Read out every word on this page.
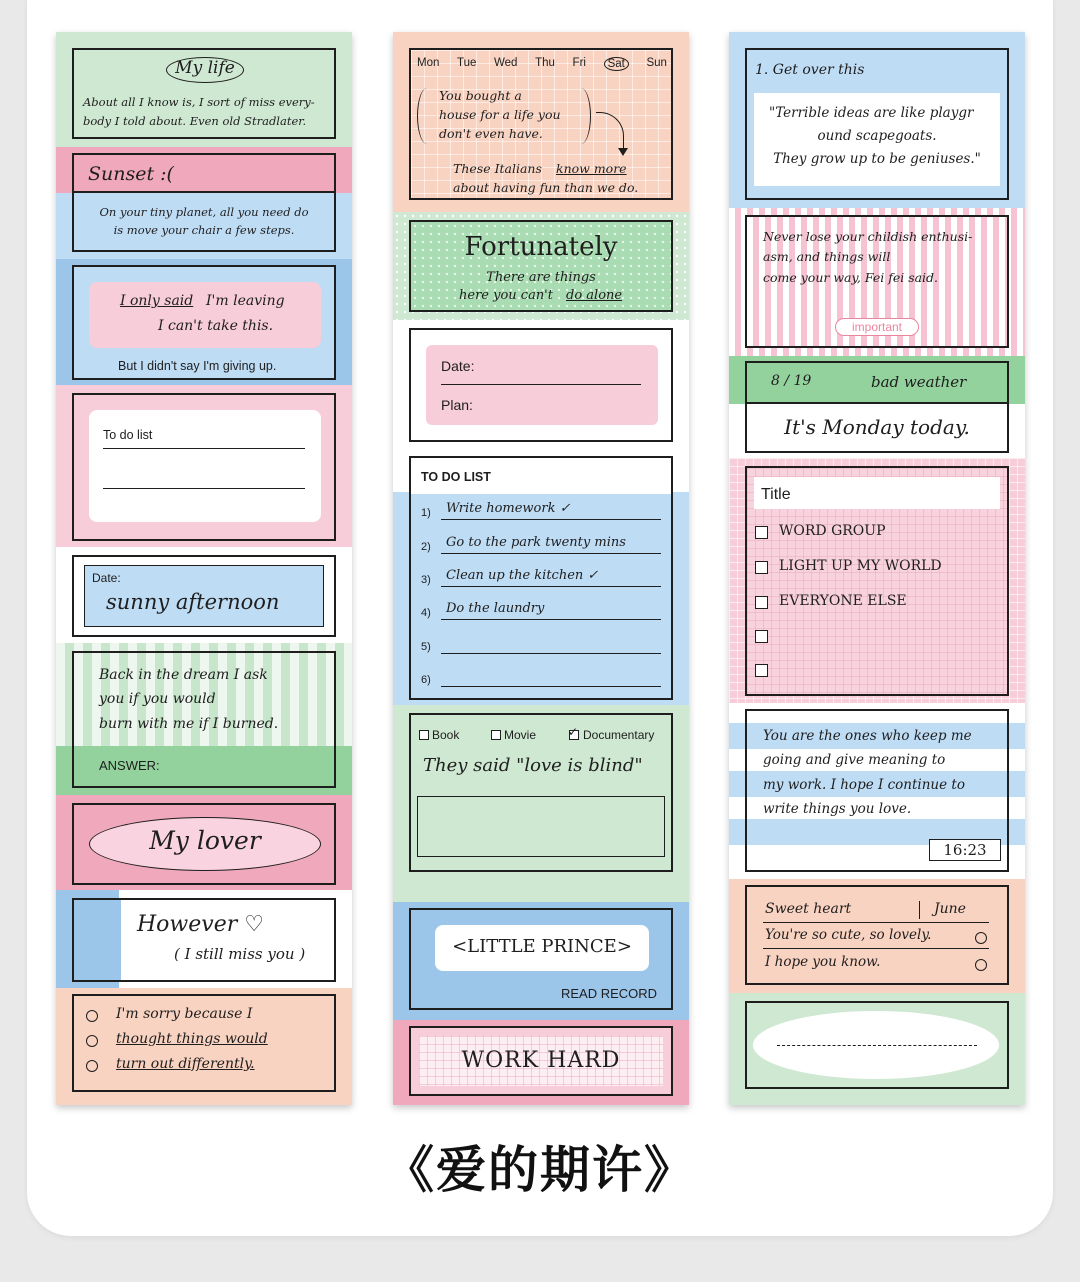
My life
About all I know is, I sort of miss every-
body I told about. Even old Stradlater.
Sunset :(
On your tiny planet, all you need do
is move your chair a few steps.
I only said I'm leaving
I can't take this.
But I didn't say I'm giving up.
To do list
Date:
sunny afternoon
Back in the dream I ask
you if you would
burn with me if I burned.
ANSWER:
My lover
However ♡
( I still miss you )
I'm sorry because I
thought things would
turn out differently.
Mon Tue Wed Thu Fri	Sat	Sun
You bought a
house for a life you
don't even have.
These Italians know more
about having fun than we do.
Fortunately
There are things
here you can't do alone
Date:
Plan:
TO DO LIST
1) Write homework ✓
2) Go to the park twenty mins
3) Clean up the kitchen ✓
4) Do the laundry
5)
6)
Book	Movie	✓ Documentary
They said "love is blind"
<LITTLE PRINCE>
READ RECORD
WORK HARD
1. Get over this
"Terrible ideas are like playgr
ound scapegoats.
They grow up to be geniuses."
Never lose your childish enthusi-
asm, and things will
come your way, Fei fei said.
important
8 / 19	bad weather
It's Monday today.
Title
WORD GROUP
LIGHT UP MY WORLD
EVERYONE ELSE
You are the ones who keep me
going and give meaning to
my work. I hope I continue to
write things you love.
16:23
Sweet heart	June
You're so cute, so lovely.
I hope you know.
《爱的期许》
